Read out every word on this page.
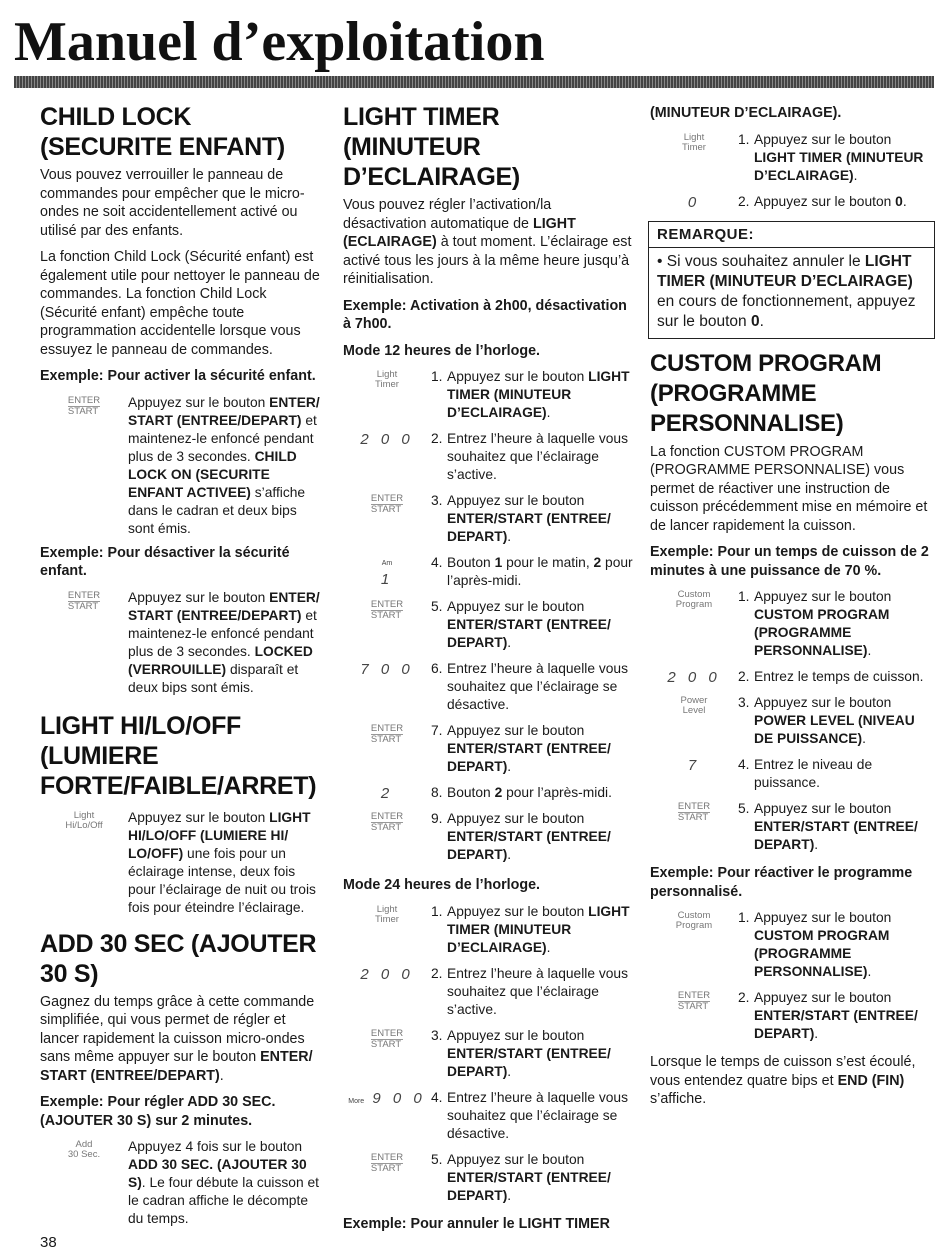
Manuel d’exploitation
CHILD LOCK (SECURITE ENFANT)

Vous pouvez verrouiller le panneau de commandes pour empêcher que le micro-ondes ne soit accidentellement activé ou utilisé par des enfants.

La fonction Child Lock (Sécurité enfant) est également utile pour nettoyer le panneau de commandes. La fonction Child Lock (Sécurité enfant) empêche toute programmation accidentelle lorsque vous essuyez le panneau de commandes.

Exemple: Pour activer la sécurité enfant.
ENTER
START
Appuyez sur le bouton ENTER/ START (ENTREE/DEPART) et maintenez-le enfoncé pendant plus de 3 secondes. CHILD LOCK ON (SECURITE ENFANT ACTIVEE) s’affiche dans le cadran et deux bips sont émis.
Exemple: Pour désactiver la sécurité enfant.
ENTER
START
Appuyez sur le bouton ENTER/ START (ENTREE/DEPART) et maintenez-le enfoncé pendant plus de 3 secondes. LOCKED (VERROUILLE) disparaît et deux bips sont émis.
LIGHT HI/LO/OFF (LUMIERE FORTE/FAIBLE/ARRET)
Light
Hi/Lo/Off
Appuyez sur le bouton LIGHT HI/LO/OFF (LUMIERE HI/ LO/OFF) une fois pour un éclairage intense, deux fois pour l’éclairage de nuit ou trois fois pour éteindre l’éclairage.
ADD 30 SEC (AJOUTER 30 S)

Gagnez du temps grâce à cette commande simplifiée, qui vous permet de régler et lancer rapidement la cuisson micro-ondes sans même appuyer sur le bouton ENTER/ START (ENTREE/DEPART).

Exemple: Pour régler ADD 30 SEC. (AJOUTER 30 S) sur 2 minutes.
Add
30 Sec.
Appuyez 4 fois sur le bouton ADD 30 SEC. (AJOUTER 30 S). Le four débute la cuisson et le cadran affiche le décompte du temps.
LIGHT TIMER (MINUTEUR D’ECLAIRAGE)

Vous pouvez régler l’activation/la désactivation automatique de LIGHT (ECLAIRAGE) à tout moment. L’éclairage est activé tous les jours à la même heure jusqu’à réinitialisation.

Exemple: Activation à 2h00, désactivation à 7h00.
Mode 12 heures de l’horloge.
Light
Timer
1. Appuyez sur le bouton LIGHT TIMER (MINUTEUR D’ECLAIRAGE).
2 0 0	2. Entrez l’heure à laquelle vous souhaitez que l’éclairage s’active.
ENTER
START
3. Appuyez sur le bouton ENTER/START (ENTREE/ DEPART).
Am
1
4. Bouton 1 pour le matin, 2 pour l’après-midi.
ENTER
START
5. Appuyez sur le bouton ENTER/START (ENTREE/ DEPART).
7 0 0	6. Entrez l’heure à laquelle vous souhaitez que l’éclairage se désactive.
ENTER
START
7. Appuyez sur le bouton ENTER/START (ENTREE/ DEPART).
2	8. Bouton 2 pour l’après-midi.
ENTER
START
9. Appuyez sur le bouton ENTER/START (ENTREE/ DEPART).
Mode 24 heures de l’horloge.
Light
Timer
1. Appuyez sur le bouton LIGHT TIMER (MINUTEUR D’ECLAIRAGE).
2 0 0	2. Entrez l’heure à laquelle vous souhaitez que l’éclairage s’active.
ENTER
START
3. Appuyez sur le bouton ENTER/START (ENTREE/ DEPART).
More 9 0 0 4. Entrez l’heure à laquelle vous souhaitez que l’éclairage se désactive.
ENTER
START
5. Appuyez sur le bouton ENTER/START (ENTREE/ DEPART).
Exemple: Pour annuler le LIGHT TIMER
(MINUTEUR D’ECLAIRAGE).
Light
Timer
1. Appuyez sur le bouton LIGHT TIMER (MINUTEUR D’ECLAIRAGE).
0	2. Appuyez sur le bouton 0.
REMARQUE:
• Si vous souhaitez annuler le LIGHT TIMER (MINUTEUR D’ECLAIRAGE) en cours de fonctionnement, appuyez sur le bouton 0.
CUSTOM PROGRAM (PROGRAMME PERSONNALISE)

La fonction CUSTOM PROGRAM (PROGRAMME PERSONNALISE) vous permet de réactiver une instruction de cuisson précédemment mise en mémoire et de lancer rapidement la cuisson.

Exemple: Pour un temps de cuisson de 2 minutes à une puissance de 70 %.
Custom
Program
1. Appuyez sur le bouton CUSTOM PROGRAM (PROGRAMME PERSONNALISE).
2 0 0	2. Entrez le temps de cuisson.
Power
Level
3. Appuyez sur le bouton POWER LEVEL (NIVEAU DE PUISSANCE).
7	4. Entrez le niveau de puissance.
ENTER
START
5. Appuyez sur le bouton ENTER/START (ENTREE/ DEPART).
Exemple: Pour réactiver le programme personnalisé.
Custom
Program
1. Appuyez sur le bouton CUSTOM PROGRAM (PROGRAMME PERSONNALISE).
ENTER
START
2. Appuyez sur le bouton ENTER/START (ENTREE/ DEPART).

Lorsque le temps de cuisson s’est écoulé, vous entendez quatre bips et END (FIN) s’affiche.

38
